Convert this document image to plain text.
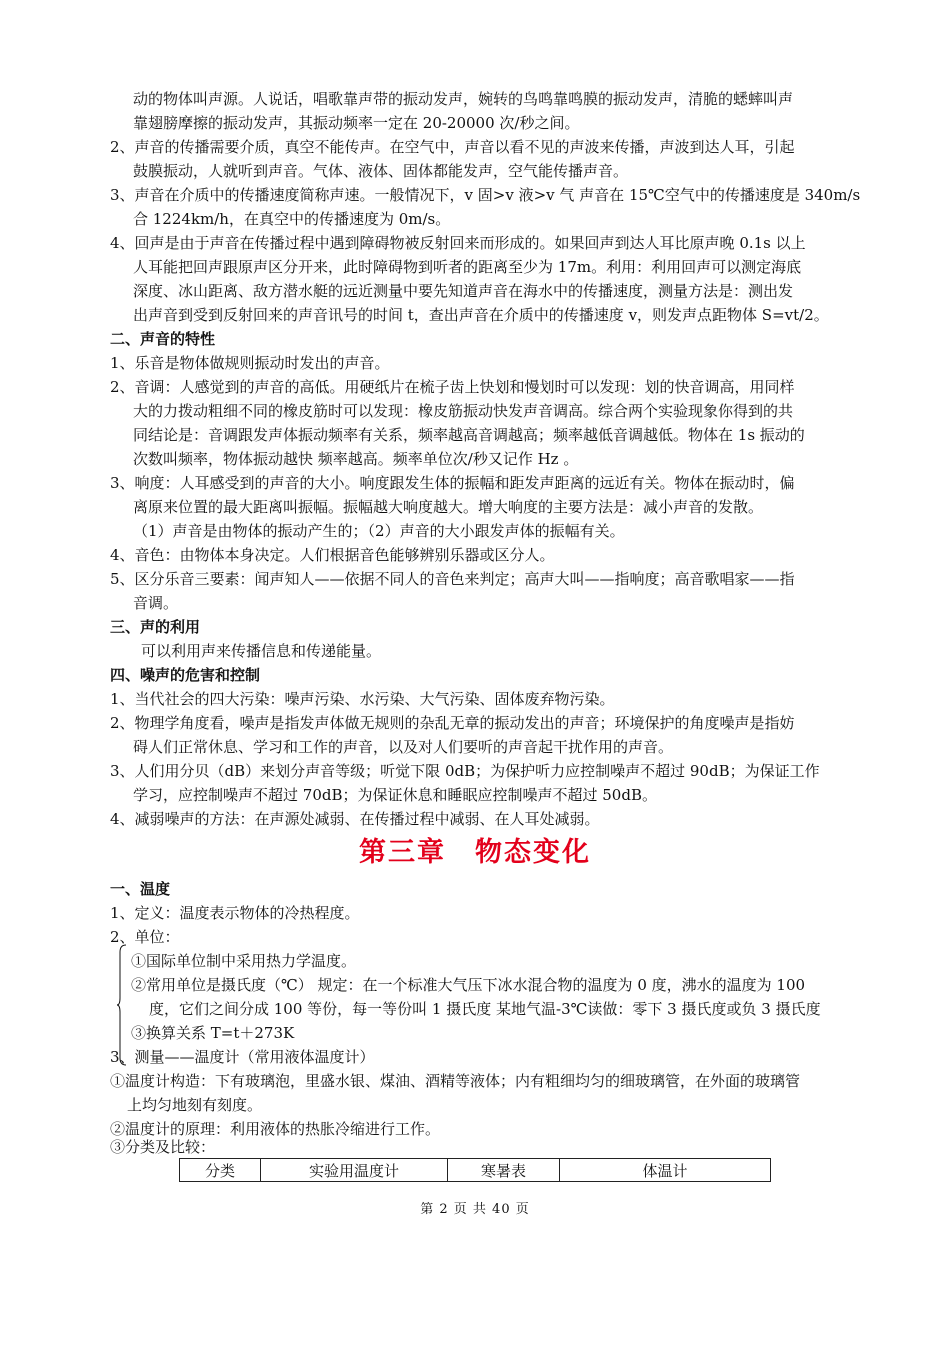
动的物体叫声源。人说话，唱歌靠声带的振动发声，婉转的鸟鸣靠鸣膜的振动发声，清脆的蟋蟀叫声
靠翅膀摩擦的振动发声，其振动频率一定在 20-20000 次/秒之间。
2、声音的传播需要介质，真空不能传声。在空气中，声音以看不见的声波来传播，声波到达人耳，引起
鼓膜振动，人就听到声音。气体、液体、固体都能发声，空气能传播声音。
3、声音在介质中的传播速度简称声速。一般情况下，v 固>v 液>v 气 声音在 15℃空气中的传播速度是 340m/s
合 1224km/h，在真空中的传播速度为 0m/s。
4、回声是由于声音在传播过程中遇到障碍物被反射回来而形成的。如果回声到达人耳比原声晚 0.1s 以上
人耳能把回声跟原声区分开来，此时障碍物到听者的距离至少为 17m。利用：利用回声可以测定海底
深度、冰山距离、敌方潜水艇的远近测量中要先知道声音在海水中的传播速度，测量方法是：测出发
出声音到受到反射回来的声音讯号的时间 t，查出声音在介质中的传播速度 v，则发声点距物体 S=vt/2。
二、声音的特性
1、乐音是物体做规则振动时发出的声音。
2、音调：人感觉到的声音的高低。用硬纸片在梳子齿上快划和慢划时可以发现：划的快音调高，用同样
大的力拨动粗细不同的橡皮筋时可以发现：橡皮筋振动快发声音调高。综合两个实验现象你得到的共
同结论是：音调跟发声体振动频率有关系，频率越高音调越高；频率越低音调越低。物体在 1s 振动的
次数叫频率，物体振动越快 频率越高。频率单位次/秒又记作 Hz 。
3、响度：人耳感受到的声音的大小。响度跟发生体的振幅和距发声距离的远近有关。物体在振动时，偏
离原来位置的最大距离叫振幅。振幅越大响度越大。增大响度的主要方法是：减小声音的发散。
（1）声音是由物体的振动产生的；（2）声音的大小跟发声体的振幅有关。
4、音色：由物体本身决定。人们根据音色能够辨别乐器或区分人。
5、区分乐音三要素：闻声知人——依据不同人的音色来判定；高声大叫——指响度；高音歌唱家——指
音调。
三、声的利用
可以利用声来传播信息和传递能量。
四、噪声的危害和控制
1、当代社会的四大污染：噪声污染、水污染、大气污染、固体废弃物污染。
2、物理学角度看，噪声是指发声体做无规则的杂乱无章的振动发出的声音；环境保护的角度噪声是指妨
碍人们正常休息、学习和工作的声音，以及对人们要听的声音起干扰作用的声音。
3、人们用分贝（dB）来划分声音等级；听觉下限 0dB；为保护听力应控制噪声不超过 90dB；为保证工作
学习，应控制噪声不超过 70dB；为保证休息和睡眠应控制噪声不超过 50dB。
4、减弱噪声的方法：在声源处减弱、在传播过程中减弱、在人耳处减弱。
第三章　物态变化
一、温度
1、定义：温度表示物体的冷热程度。
2、单位：
①国际单位制中采用热力学温度。
②常用单位是摄氏度（℃） 规定：在一个标准大气压下冰水混合物的温度为 0 度，沸水的温度为 100
度，它们之间分成 100 等份，每一等份叫 1 摄氏度 某地气温-3℃读做：零下 3 摄氏度或负 3 摄氏度
③换算关系 T=t＋273K
3、测量——温度计（常用液体温度计）
①温度计构造：下有玻璃泡，里盛水银、煤油、酒精等液体；内有粗细均匀的细玻璃管，在外面的玻璃管
上均匀地刻有刻度。
②温度计的原理：利用液体的热胀冷缩进行工作。
③分类及比较：
分类	实验用温度计	寒暑表	体温计
第 2 页 共 40 页
